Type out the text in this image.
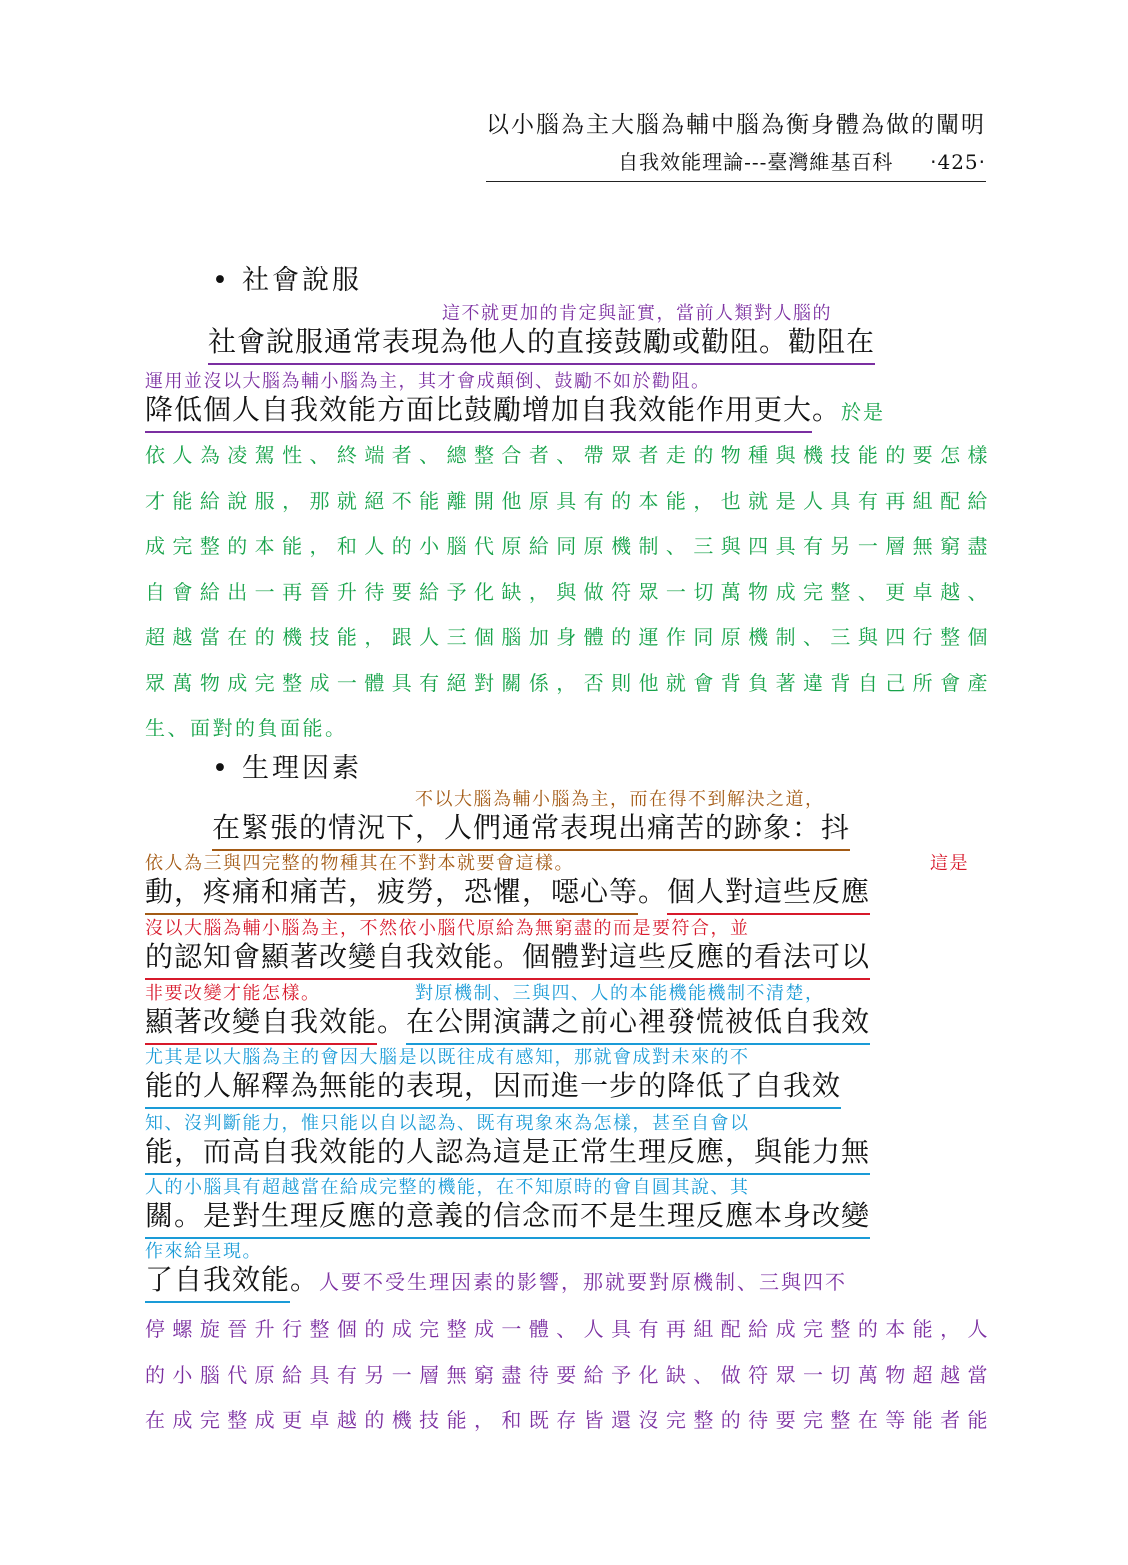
以小腦為主大腦為輔中腦為衡身體為做的闡明
自我效能理論---臺灣維基百科 ‧425‧
• 社會說服
這不就更加的肯定與証實，當前人類對人腦的
社會說服通常表現為他人的直接鼓勵或勸阻。勸阻在
運用並沒以大腦為輔小腦為主，其才會成顛倒、鼓勵不如於勸阻。
降低個人自我效能方面比鼓勵增加自我效能作用更大。於是
依人為凌駕性、終端者、總整合者、帶眾者走的物種與機技能的要怎樣
才能給說服，那就絕不能離開他原具有的本能，也就是人具有再組配給
成完整的本能，和人的小腦代原給同原機制、三與四具有另一層無窮盡
自會給出一再晉升待要給予化缺，與做符眾一切萬物成完整、更卓越、
超越當在的機技能，跟人三個腦加身體的運作同原機制、三與四行整個
眾萬物成完整成一體具有絕對關係，否則他就會背負著違背自己所會產
生、面對的負面能。
• 生理因素
不以大腦為輔小腦為主，而在得不到解決之道，
在緊張的情況下，人們通常表現出痛苦的跡象：抖
依人為三與四完整的物種其在不對本就要會這樣。	這是
動，疼痛和痛苦，疲勞，恐懼，噁心等。個人對這些反應
沒以大腦為輔小腦為主，不然依小腦代原給為無窮盡的而是要符合，並
的認知會顯著改變自我效能。個體對這些反應的看法可以
非要改變才能怎樣。	對原機制、三與四、人的本能機能機制不清楚，
顯著改變自我效能。在公開演講之前心裡發慌被低自我效
尤其是以大腦為主的會因大腦是以既往成有感知，那就會成對未來的不
能的人解釋為無能的表現，因而進一步的降低了自我效
知、沒判斷能力，惟只能以自以認為、既有現象來為怎樣，甚至自會以
能，而高自我效能的人認為這是正常生理反應，與能力無
人的小腦具有超越當在給成完整的機能，在不知原時的會自圓其說、其
關。是對生理反應的意義的信念而不是生理反應本身改變
作來給呈現。
了自我效能。人要不受生理因素的影響，那就要對原機制、三與四不
停螺旋晉升行整個的成完整成一體、人具有再組配給成完整的本能，人
的小腦代原給具有另一層無窮盡待要給予化缺、做符眾一切萬物超越當
在成完整成更卓越的機技能，和既存皆還沒完整的待要完整在等能者能
